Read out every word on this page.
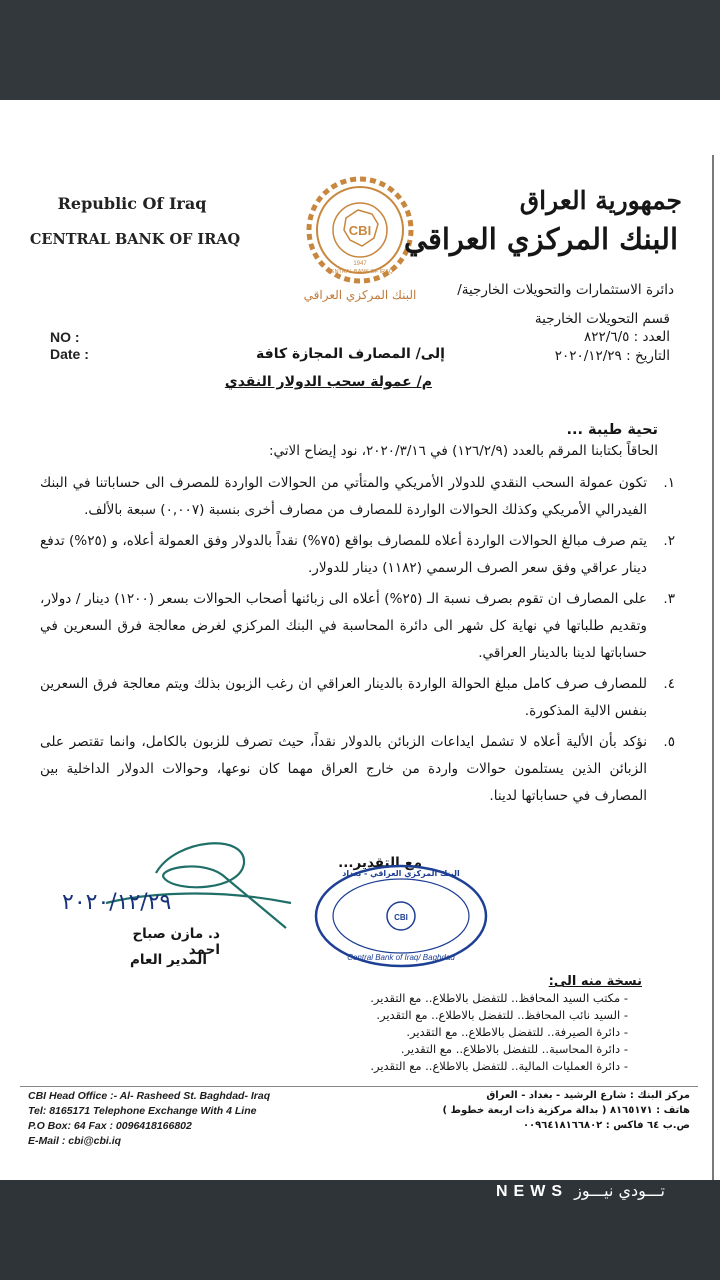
Republic Of Iraq
CENTRAL BANK OF IRAQ
CBI
1947
CENTRAL BANK OF IRAQ
البنك المركزي العراقي
جمهورية العراق
البنك المركزي العراقي
دائرة الاستثمارات والتحويلات الخارجية/
قسم التحويلات الخارجية
العدد : ٨٢٢/٦/٥
التاريخ : ٢٠٢٠/١٢/٢٩
NO :
Date :	إلى/ المصارف المجازة كافة
م/ عمولة سحب الدولار النقدي
تحية طيبة ...
الحاقاً بكتابنا المرقم بالعدد (١٢٦/٢/٩) في ٢٠٢٠/٣/١٦، نود إيضاح الاتي:
١.
تكون عمولة السحب النقدي للدولار الأمريكي والمتأتي من الحوالات الواردة للمصرف الى حساباتنا في البنك الفيدرالي الأمريكي وكذلك الحوالات الواردة للمصارف من مصارف أخرى بنسبة (٠,٠٠٧) سبعة بالألف.
٢.
يتم صرف مبالغ الحوالات الواردة أعلاه للمصارف بواقع (٧٥%) نقداً بالدولار وفق العمولة أعلاه، و (٢٥%) تدفع دينار عراقي وفق سعر الصرف الرسمي (١١٨٢) دينار للدولار.
٣.
على المصارف ان تقوم بصرف نسبة الـ (٢٥%) أعلاه الى زبائنها أصحاب الحوالات بسعر (١٢٠٠) دينار / دولار، وتقديم طلباتها في نهاية كل شهر الى دائرة المحاسبة في البنك المركزي لغرض معالجة فرق السعرين في حساباتها لدينا بالدينار العراقي.
٤.
للمصارف صرف كامل مبلغ الحوالة الواردة بالدينار العراقي ان رغب الزبون بذلك ويتم معالجة فرق السعرين بنفس الالية المذكورة.
٥.
نؤكد بأن الألية أعلاه لا تشمل ايداعات الزبائن بالدولار نقداً، حيث تصرف للزبون بالكامل، وانما تقتصر على الزبائن الذين يستلمون حوالات واردة من خارج العراق مهما كان نوعها، وحوالات الدولار الداخلية بين المصارف في حساباتها لدينا.
مع التقدير...
٢٠٢٠/١٢/٢٩
د. مازن صباح احمد
المدير العام
CBI
البنك المركزي العراقي - بغداد
Central Bank of Iraq/ Baghdad
نسخة منه الى:
- مكتب السيد المحافظ.. للتفضل بالاطلاع.. مع التقدير.
- السيد نائب المحافظ.. للتفضل بالاطلاع.. مع التقدير.
- دائرة الصيرفة.. للتفضل بالاطلاع.. مع التقدير.
- دائرة المحاسبة.. للتفضل بالاطلاع.. مع التقدير.
- دائرة العمليات المالية.. للتفضل بالاطلاع.. مع التقدير.
CBI Head Office :- Al- Rasheed St. Baghdad- Iraq
Tel: 8165171 Telephone Exchange With 4 Line
P.O Box: 64 Fax : 0096418166802
E-Mail : cbi@cbi.iq
مركز البنك : شارع الرشيد - بغداد - العراق
هاتف : ٨١٦٥١٧١ ( بدالة مركزية ذات اربعة خطوط )
ص.ب ٦٤ فاكس : ٠٠٩٦٤١٨١٦٦٨٠٢
NEWS تـــودي نيـــوز
